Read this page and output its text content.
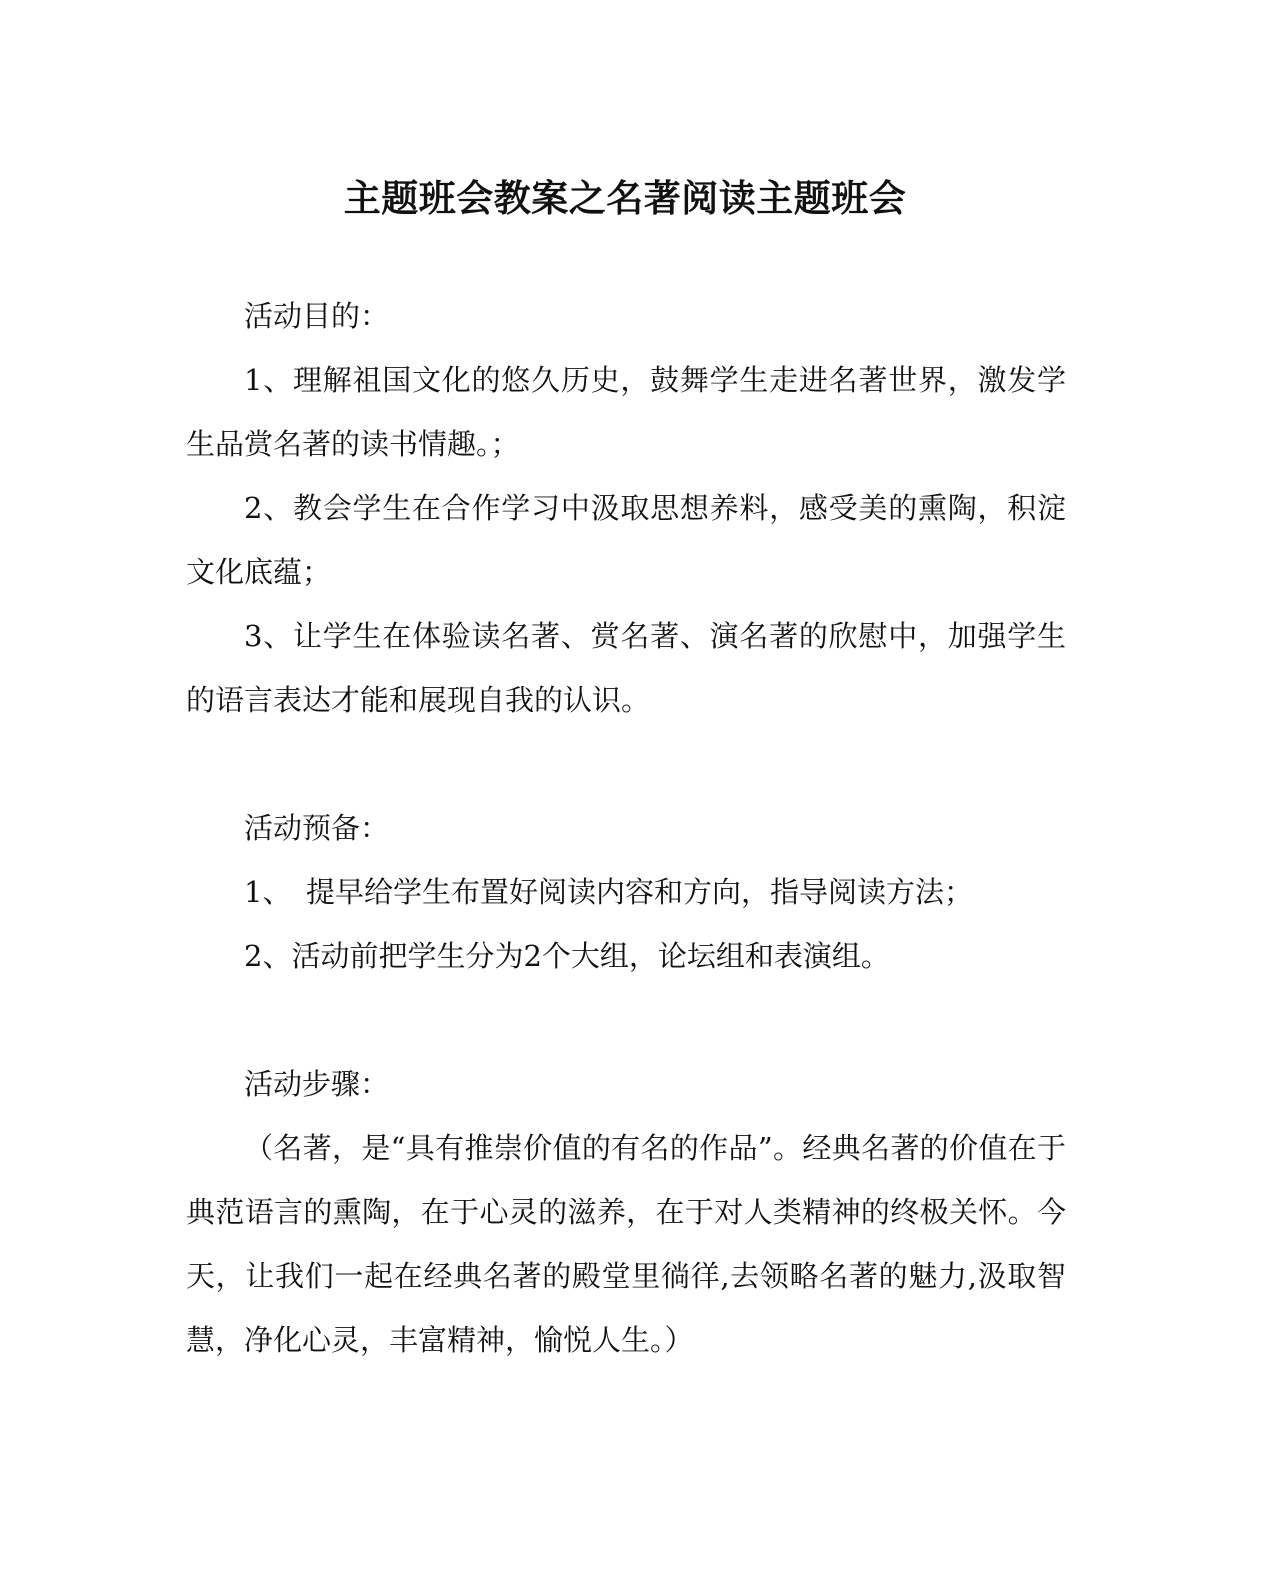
主题班会教案之名著阅读主题班会

活动目的：

1、理解祖国文化的悠久历史，鼓舞学生走进名著世界，激发学生品赏名著的读书情趣。；

2、教会学生在合作学习中汲取思想养料，感受美的熏陶，积淀文化底蕴；

3、让学生在体验读名著、赏名著、演名著的欣慰中，加强学生的语言表达才能和展现自我的认识。

活动预备：

1、　提早给学生布置好阅读内容和方向，指导阅读方法；

2、活动前把学生分为2个大组，论坛组和表演组。

活动步骤：

（名著，是“具有推崇价值的有名的作品”。经典名著的价值在于典范语言的熏陶，在于心灵的滋养，在于对人类精神的终极关怀。今天，让我们一起在经典名著的殿堂里徜徉,去领略名著的魅力,汲取智慧，净化心灵，丰富精神，愉悦人生。）
